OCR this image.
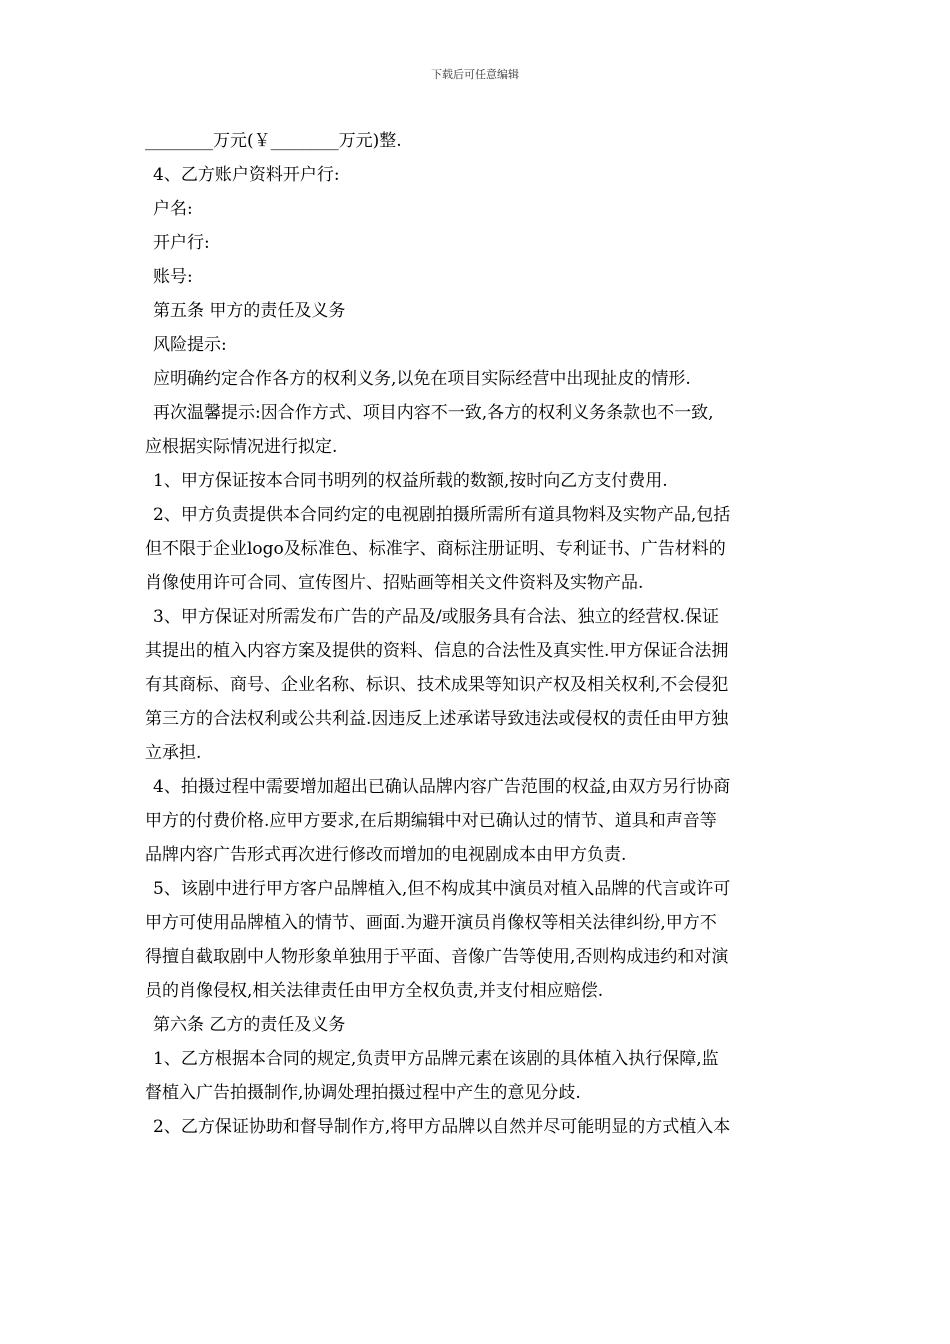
下载后可任意编辑
________万元(￥________万元)整.
4、乙方账户资料开户行:
户名:
开户行:
账号:
第五条 甲方的责任及义务
风险提示:
应明确约定合作各方的权利义务,以免在项目实际经营中出现扯皮的情形.
再次温馨提示:因合作方式、项目内容不一致,各方的权利义务条款也不一致,
应根据实际情况进行拟定.
1、甲方保证按本合同书明列的权益所载的数额,按时向乙方支付费用.
2、甲方负责提供本合同约定的电视剧拍摄所需所有道具物料及实物产品,包括
但不限于企业logo及标准色、标准字、商标注册证明、专利证书、广告材料的
肖像使用许可合同、宣传图片、招贴画等相关文件资料及实物产品.
3、甲方保证对所需发布广告的产品及/或服务具有合法、独立的经营权.保证
其提出的植入内容方案及提供的资料、信息的合法性及真实性.甲方保证合法拥
有其商标、商号、企业名称、标识、技术成果等知识产权及相关权利,不会侵犯
第三方的合法权利或公共利益.因违反上述承诺导致违法或侵权的责任由甲方独
立承担.
4、拍摄过程中需要增加超出已确认品牌内容广告范围的权益,由双方另行协商
甲方的付费价格.应甲方要求,在后期编辑中对已确认过的情节、道具和声音等
品牌内容广告形式再次进行修改而增加的电视剧成本由甲方负责.
5、该剧中进行甲方客户品牌植入,但不构成其中演员对植入品牌的代言或许可
甲方可使用品牌植入的情节、画面.为避开演员肖像权等相关法律纠纷,甲方不
得擅自截取剧中人物形象单独用于平面、音像广告等使用,否则构成违约和对演
员的肖像侵权,相关法律责任由甲方全权负责,并支付相应赔偿.
第六条 乙方的责任及义务
1、乙方根据本合同的规定,负责甲方品牌元素在该剧的具体植入执行保障,监
督植入广告拍摄制作,协调处理拍摄过程中产生的意见分歧.
2、乙方保证协助和督导制作方,将甲方品牌以自然并尽可能明显的方式植入本
